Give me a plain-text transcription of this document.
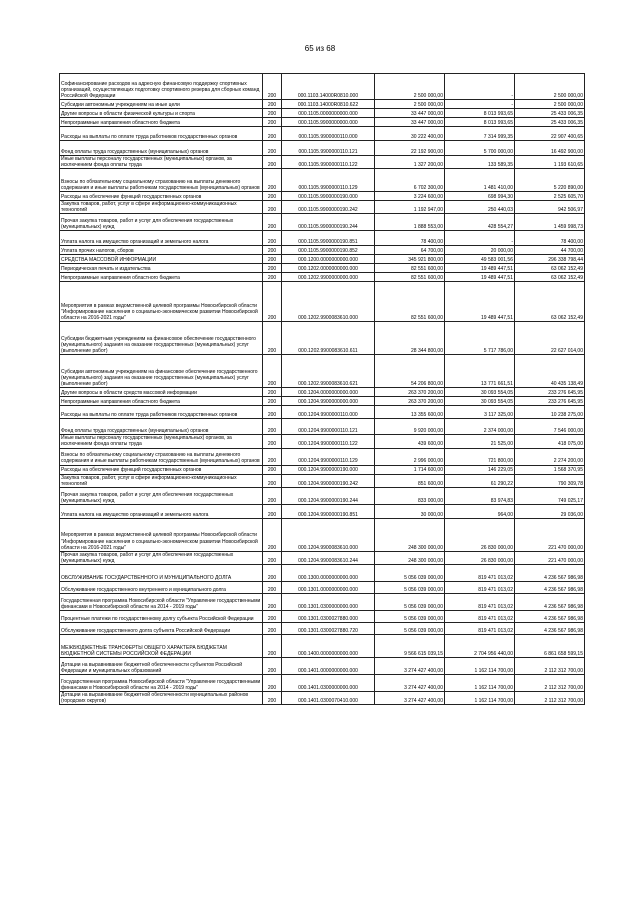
65 из 68
Софинансирование расходов на адресную финансовую поддержку спортивных организаций, осуществляющих подготовку спортивного резерва для сборных команд Российской Федерации	200	000.1103.14000R0810.000	2 500 000,00	-	2 500 000,00
Субсидии автономным учреждениям на иные цели	200	000.1103.14000R0810.622	2 500 000,00	-	2 500 000,00
Другие вопросы в области физической культуры и спорта	200	000.1105.0000000000.000	33 447 000,00	8 013 993,65	25 433 006,35
Непрограммные направления областного бюджета	200	000.1105.9900000000.000	33 447 000,00	8 013 993,65	25 433 006,35
Расходы на выплаты по оплате труда работников государственных органов	200	000.1105.9900000110.000	30 222 400,00	7 314 999,35	22 907 400,65
Фонд оплаты труда государственных (муниципальных) органов	200	000.1105.9900000110.121	22 192 900,00	5 700 000,00	16 492 900,00
Иные выплаты персоналу государственных (муниципальных) органов, за исключением фонда оплаты труда	200	000.1105.9900000110.122	1 327 200,00	133 589,35	1 193 610,65
Взносы по обязательному социальному страхованию на выплаты денежного содержания и иные выплаты работникам государственных (муниципальных) органов	200	000.1105.9900000110.129	6 702 300,00	1 481 410,00	5 220 890,00
Расходы на обеспечение функций государственных органов	200	000.1105.9900000190.000	3 224 600,00	698 994,30	2 525 605,70
Закупка товаров, работ, услуг в сфере информационно-коммуникационных технологий	200	000.1105.9900000190.242	1 192 947,00	250 440,03	942 506,97
Прочая закупка товаров, работ и услуг для обеспечения государственных (муниципальных) нужд	200	000.1105.9900000190.244	1 888 553,00	428 554,27	1 459 998,73
Уплата налога на имущество организаций и земельного налога	200	000.1105.9900000190.851	78 400,00	-	78 400,00
Уплата прочих налогов, сборов	200	000.1105.9900000190.852	64 700,00	20 000,00	44 700,00
СРЕДСТВА МАССОВОЙ ИНФОРМАЦИИ	200	000.1200.0000000000.000	345 921 800,00	49 583 001,56	296 338 798,44
Периодическая печать и издательства	200	000.1202.0000000000.000	82 551 600,00	19 489 447,51	63 062 152,49
Непрограммные направления областного бюджета	200	000.1202.9900000000.000	82 551 600,00	19 489 447,51	63 062 152,49
Мероприятия в рамках ведомственной целевой программы Новосибирской области "Информирование населения о социально-экономическом развитии Новосибирской области на 2016-2021 годы"	200	000.1202.9900083610.000	82 551 600,00	19 489 447,51	63 062 152,49
Субсидии бюджетным учреждениям на финансовое обеспечение государственного (муниципального) задания на оказание государственных (муниципальных) услуг (выполнение работ)	200	000.1202.9900083610.611	28 344 800,00	5 717 786,00	22 627 014,00
Субсидии автономным учреждениям на финансовое обеспечение государственного (муниципального) задания на оказание государственных (муниципальных) услуг (выполнение работ)	200	000.1202.9900083610.621	54 206 800,00	13 771 661,51	40 435 138,49
Другие вопросы в области средств массовой информации	200	000.1204.0000000000.000	263 370 200,00	30 093 554,05	233 276 645,95
Непрограммные направления областного бюджета	200	000.1204.9900000000.000	263 370 200,00	30 093 554,05	233 276 645,95
Расходы на выплаты по оплате труда работников государственных органов	200	000.1204.9900000110.000	13 355 600,00	3 117 325,00	10 238 275,00
Фонд оплаты труда государственных (муниципальных) органов	200	000.1204.9900000110.121	9 920 000,00	2 374 000,00	7 546 000,00
Иные выплаты персоналу государственных (муниципальных) органов, за исключением фонда оплаты труда	200	000.1204.9900000110.122	439 600,00	21 525,00	418 075,00
Взносы по обязательному социальному страхованию на выплаты денежного содержания и иные выплаты работникам государственных (муниципальных) органов	200	000.1204.9900000110.129	2 996 000,00	721 800,00	2 274 200,00
Расходы на обеспечение функций государственных органов	200	000.1204.9900000190.000	1 714 600,00	146 229,05	1 568 370,95
Закупка товаров, работ, услуг в сфере информационно-коммуникационных технологий	200	000.1204.9900000190.242	851 600,00	61 290,22	790 309,78
Прочая закупка товаров, работ и услуг для обеспечения государственных (муниципальных) нужд	200	000.1204.9900000190.244	833 000,00	83 974,83	749 025,17
Уплата налога на имущество организаций и земельного налога	200	000.1204.9900000190.851	30 000,00	964,00	29 036,00
Мероприятия в рамках ведомственной целевой программы Новосибирской области "Информирование населения о социально-экономическом развитии Новосибирской области на 2016-2021 годы"	200	000.1204.9900083610.000	248 300 000,00	26 830 000,00	221 470 000,00
Прочая закупка товаров, работ и услуг для обеспечения государственных (муниципальных) нужд	200	000.1204.9900083610.244	248 300 000,00	26 830 000,00	221 470 000,00
ОБСЛУЖИВАНИЕ ГОСУДАРСТВЕННОГО И МУНИЦИПАЛЬНОГО ДОЛГА	200	000.1300.0000000000.000	5 056 039 000,00	819 471 013,02	4 236 567 986,98
Обслуживание государственного внутреннего и муниципального долга	200	000.1301.0000000000.000	5 056 039 000,00	819 471 013,02	4 236 567 986,98
Государственная программа Новосибирской области "Управление государственными финансами в Новосибирской области на 2014 - 2019 годы"	200	000.1301.0300000000.000	5 056 039 000,00	819 471 013,02	4 236 567 986,98
Процентные платежи по государственному долгу субъекта Российской Федерации	200	000.1301.0300027880.000	5 056 039 000,00	819 471 013,02	4 236 567 986,98
Обслуживание государственного долга субъекта Российской Федерации	200	000.1301.0300027880.720	5 056 039 000,00	819 471 013,02	4 236 567 986,98
МЕЖБЮДЖЕТНЫЕ ТРАНСФЕРТЫ ОБЩЕГО ХАРАКТЕРА БЮДЖЕТАМ БЮДЖЕТНОЙ СИСТЕМЫ РОССИЙСКОЙ ФЕДЕРАЦИИ	200	000.1400.0000000000.000	9 566 615 039,15	2 704 956 440,00	6 861 658 599,15
Дотации на выравнивание бюджетной обеспеченности субъектов Российской Федерации и муниципальных образований	200	000.1401.0000000000.000	3 274 427 400,00	1 162 114 700,00	2 112 312 700,00
Государственная программа Новосибирской области "Управление государственными финансами в Новосибирской области на 2014 - 2019 годы"	200	000.1401.0300000000.000	3 274 427 400,00	1 162 114 700,00	2 112 312 700,00
Дотации на выравнивание бюджетной обеспеченности муниципальных районов (городских округов)	200	000.1401.0300070410.000	3 274 427 400,00	1 162 114 700,00	2 112 312 700,00
